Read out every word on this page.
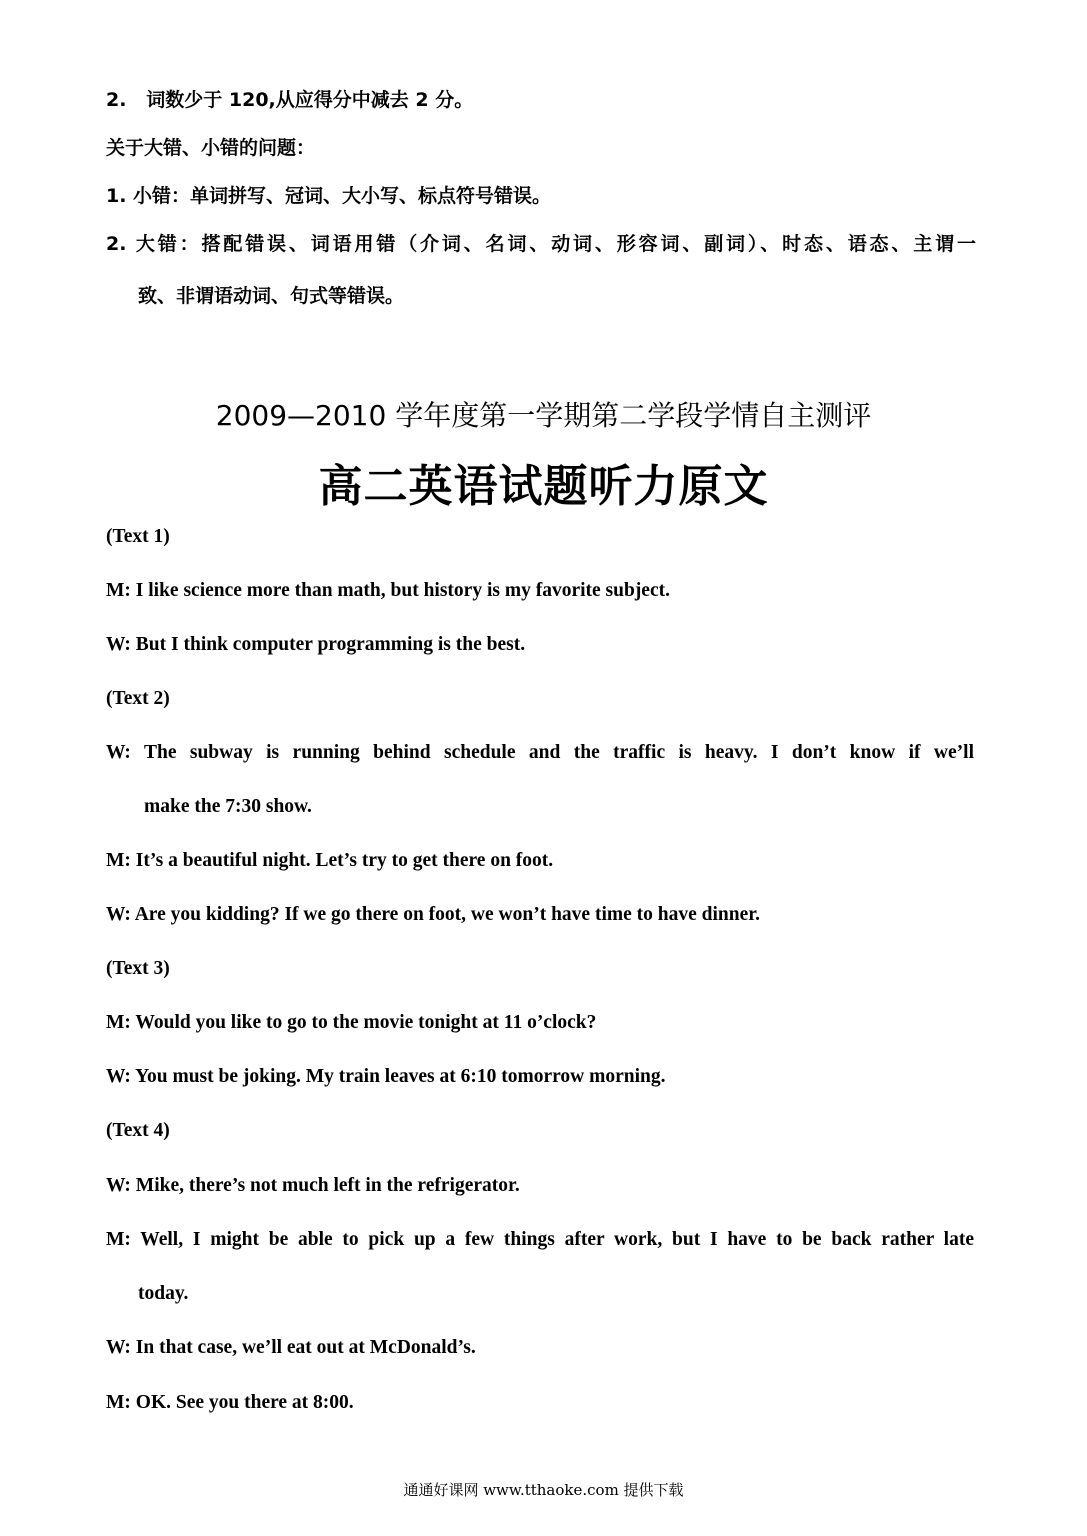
2.   词数少于 120,从应得分中减去 2 分。
关于大错、小错的问题：
1. 小错：单词拼写、冠词、大小写、标点符号错误。
2. 大错：搭配错误、词语用错（介词、名词、动词、形容词、副词）、时态、语态、主谓一
致、非谓语动词、句式等错误。
2009—2010 学年度第一学期第二学段学情自主测评
高二英语试题听力原文
(Text 1)
M: I like science more than math, but history is my favorite subject.
W: But I think computer programming is the best.
(Text 2)
W: The subway is running behind schedule and the traffic is heavy. I don’t know if we’ll
make the 7:30 show.
M: It’s a beautiful night. Let’s try to get there on foot.
W: Are you kidding? If we go there on foot, we won’t have time to have dinner.
(Text 3)
M: Would you like to go to the movie tonight at 11 o’clock?
W: You must be joking. My train leaves at 6:10 tomorrow morning.
(Text 4)
W: Mike, there’s not much left in the refrigerator.
M: Well, I might be able to pick up a few things after work, but I have to be back rather late
today.
W: In that case, we’ll eat out at McDonald’s.
M: OK. See you there at 8:00.
通通好课网 www.tthaoke.com 提供下载
